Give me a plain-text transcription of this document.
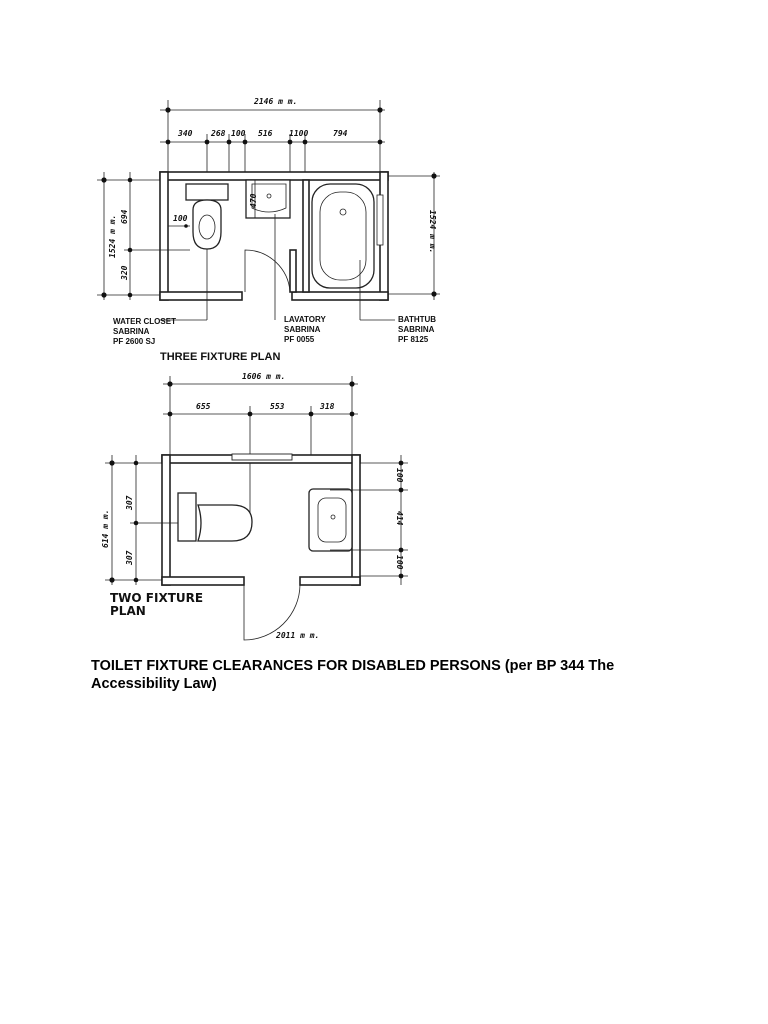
2146 m m.
340 268 100 516 1100	794
100
470
1524 m m. 694
320
1524 m m.
WATER CLOSET
SABRINA
PF 2600 SJ
LAVATORY
SABRINA
PF 0055
BATHTUB
SABRINA
PF 8125
THREE FIXTURE PLAN
1606 m m.
655	553	318
614 m m.
307
307
100
414
100
TWO FIXTURE
PLAN
2011 m m.
TOILET FIXTURE CLEARANCES FOR DISABLED PERSONS (per BP 344 The Accessibility Law)
